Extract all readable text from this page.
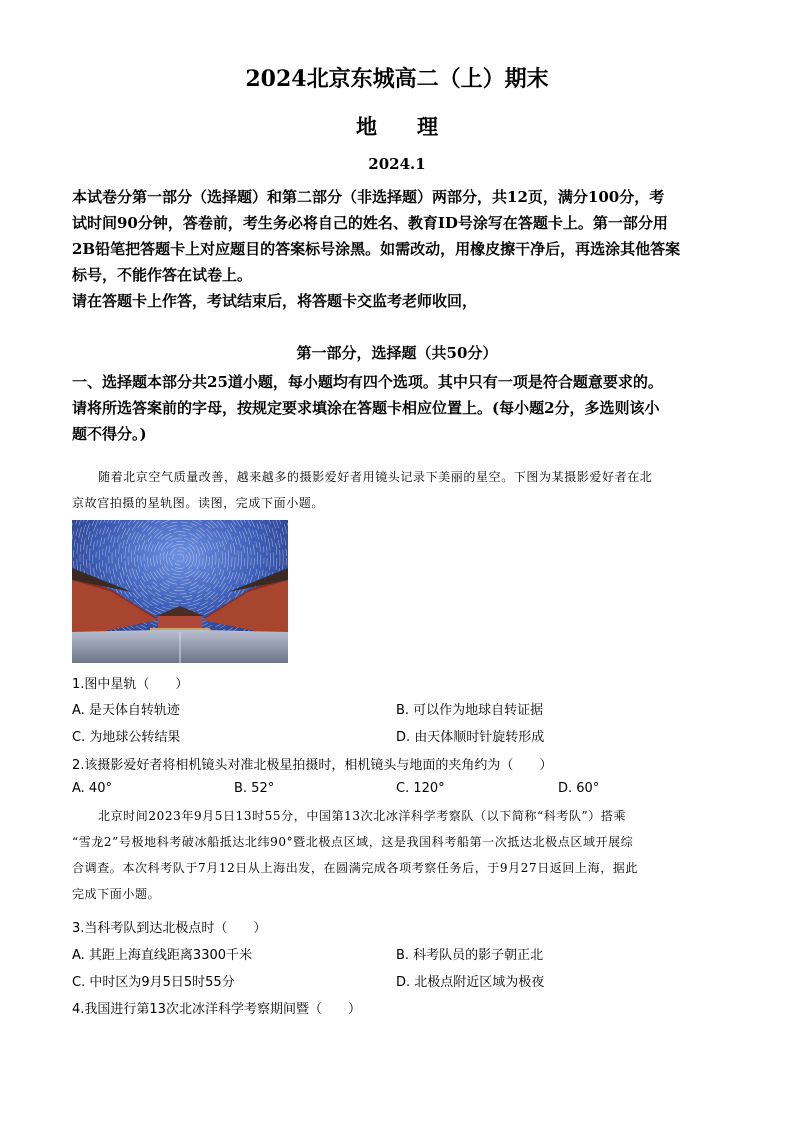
2024北京东城高二（上）期末
地理
2024.1

本试卷分第一部分（选择题）和第二部分（非选择题）两部分，共12页，满分100分，考

试时间90分钟，答卷前，考生务必将自己的姓名、教育ID号涂写在答题卡上。第一部分用

2B铅笔把答题卡上对应题目的答案标号涂黑。如需改动，用橡皮擦干净后，再选涂其他答案

标号，不能作答在试卷上。

请在答题卡上作答，考试结束后，将答题卡交监考老师收回，

第一部分，选择题（共50分）

一、选择题本部分共25道小题，每小题均有四个选项。其中只有一项是符合题意要求的。

请将所选答案前的字母，按规定要求填涂在答题卡相应位置上。(每小题2分，多选则该小

题不得分。)

随着北京空气质量改善，越来越多的摄影爱好者用镜头记录下美丽的星空。下图为某摄影爱好者在北

京故宫拍摄的星轨图。读图，完成下面小题。

1.图中星轨（　　）
A. 是天体自转轨迹	B. 可以作为地球自转证据
C. 为地球公转结果	D. 由天体顺时针旋转形成
2.该摄影爱好者将相机镜头对准北极星拍摄时，相机镜头与地面的夹角约为（　　）
A. 40°	B. 52°	C. 120°	D. 60°

北京时间2023年9月5日13时55分，中国第13次北冰洋科学考察队（以下简称“科考队”）搭乘

“雪龙2”号极地科考破冰船抵达北纬90°暨北极点区域，这是我国科考船第一次抵达北极点区域开展综

合调查。本次科考队于7月12日从上海出发，在圆满完成各项考察任务后，于9月27日返回上海，据此

完成下面小题。

3.当科考队到达北极点时（　　）
A. 其距上海直线距离3300千米	B. 科考队员的影子朝正北
C. 中时区为9月5日5时55分	D. 北极点附近区域为极夜
4.我国进行第13次北冰洋科学考察期间暨（　　）
